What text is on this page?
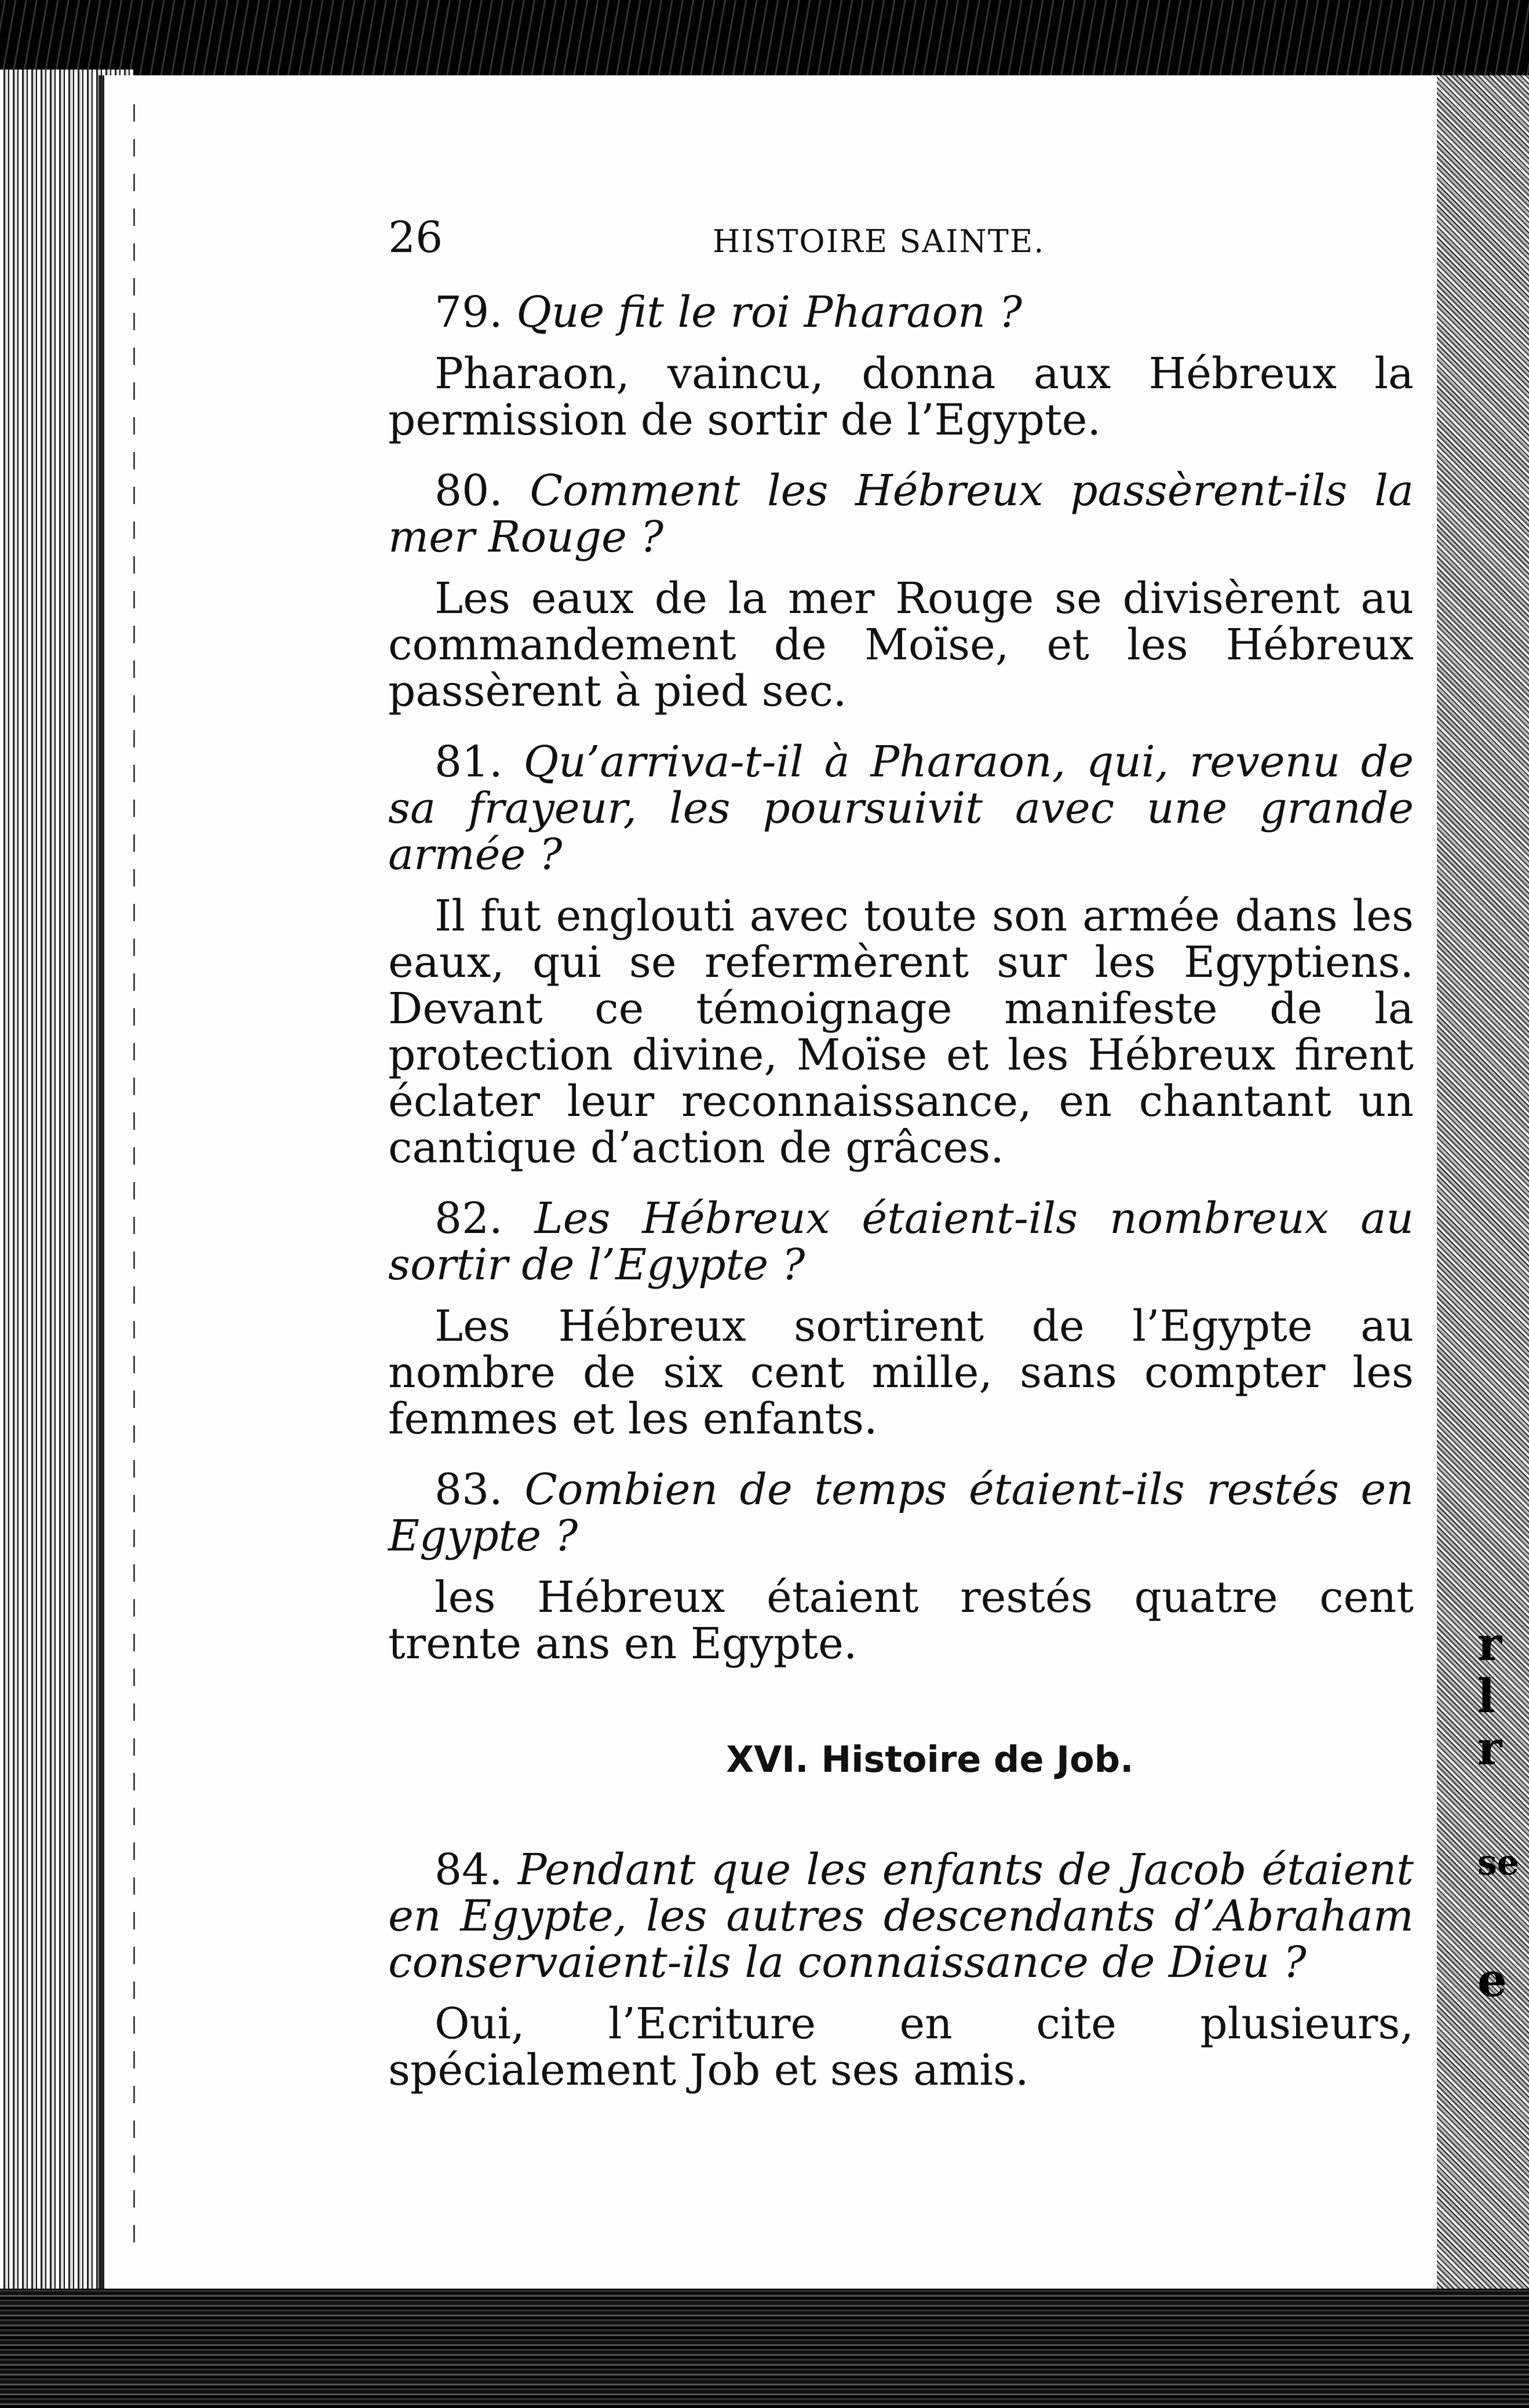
r
l
r
se
e
26	HISTOIRE SAINTE.
79. Que fit le roi Pharaon ?
Pharaon, vaincu, donna aux Hébreux la permission de sortir de l’Egypte.
80. Comment les Hébreux passèrent-ils la mer Rouge ?
Les eaux de la mer Rouge se divisèrent au commandement de Moïse, et les Hébreux passèrent à pied sec.
81. Qu’arriva-t-il à Pharaon, qui, revenu de sa frayeur, les poursuivit avec une grande armée ?
Il fut englouti avec toute son armée dans les eaux, qui se refermèrent sur les Egyptiens. Devant ce témoignage manifeste de la protection divine, Moïse et les Hébreux firent éclater leur reconnaissance, en chantant un cantique d’action de grâces.
82. Les Hébreux étaient-ils nombreux au sortir de l’Egypte ?
Les Hébreux sortirent de l’Egypte au nombre de six cent mille, sans compter les femmes et les enfants.
83. Combien de temps étaient-ils restés en Egypte ?
les Hébreux étaient restés quatre cent trente ans en Egypte.
XVI. Histoire de Job.
84. Pendant que les enfants de Jacob étaient en Egypte, les autres descendants d’Abraham conservaient-ils la connaissance de Dieu ?
Oui, l’Ecriture en cite plusieurs, spécialement Job et ses amis.
